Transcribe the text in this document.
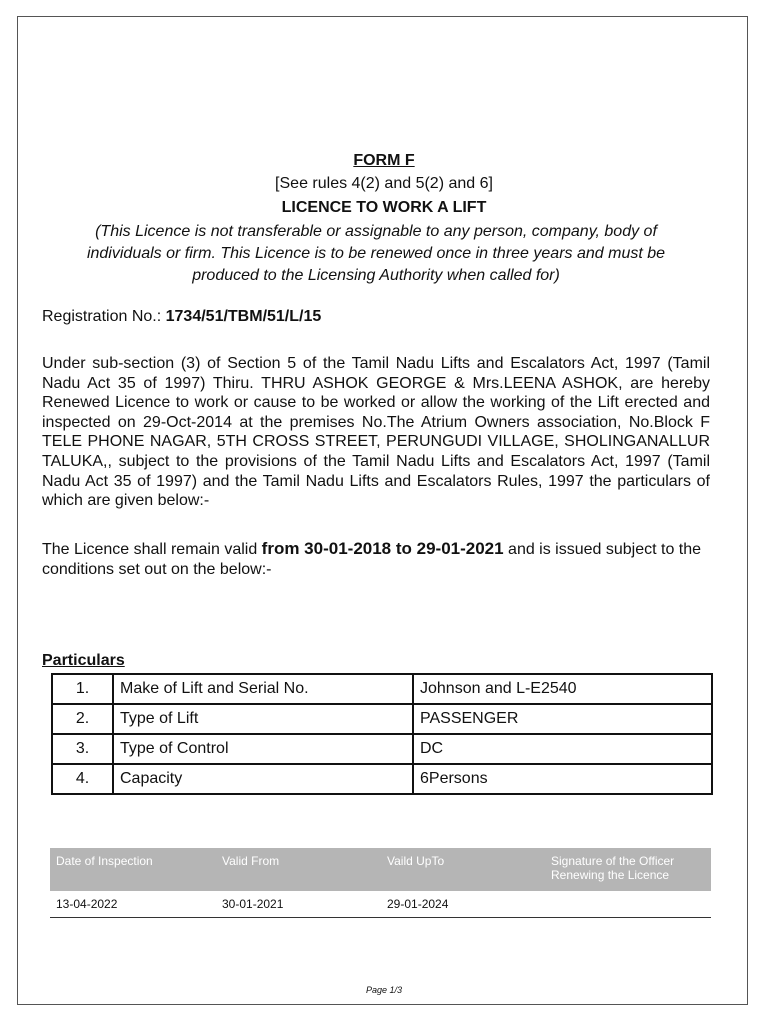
FORM F
[See rules 4(2) and 5(2) and 6]
LICENCE TO WORK A LIFT
(This Licence is not transferable or assignable to any person, company, body of individuals or firm. This Licence is to be renewed once in three years and must be produced to the Licensing Authority when called for)
Registration No.: 1734/51/TBM/51/L/15
Under sub-section (3) of Section 5 of the Tamil Nadu Lifts and Escalators Act, 1997 (Tamil Nadu Act 35 of 1997) Thiru. THRU ASHOK GEORGE & Mrs.LEENA ASHOK, are hereby Renewed Licence to work or cause to be worked or allow the working of the Lift erected and inspected on 29-Oct-2014 at the premises No.The Atrium Owners association, No.Block F TELE PHONE NAGAR, 5TH CROSS STREET, PERUNGUDI VILLAGE, SHOLINGANALLUR TALUKA,, subject to the provisions of the Tamil Nadu Lifts and Escalators Act, 1997 (Tamil Nadu Act 35 of 1997) and the Tamil Nadu Lifts and Escalators Rules, 1997 the particulars of which are given below:-
The Licence shall remain valid from 30-01-2018 to 29-01-2021 and is issued subject to the conditions set out on the below:-
Particulars
1.	Make of Lift and Serial No.	Johnson and L-E2540
2.	Type of Lift	PASSENGER
3.	Type of Control	DC
4.	Capacity	6Persons
Date of Inspection	Valid From	Vaild UpTo	Signature of the Officer Renewing the Licence
13-04-2022	30-01-2021	29-01-2024
Page 1/3
